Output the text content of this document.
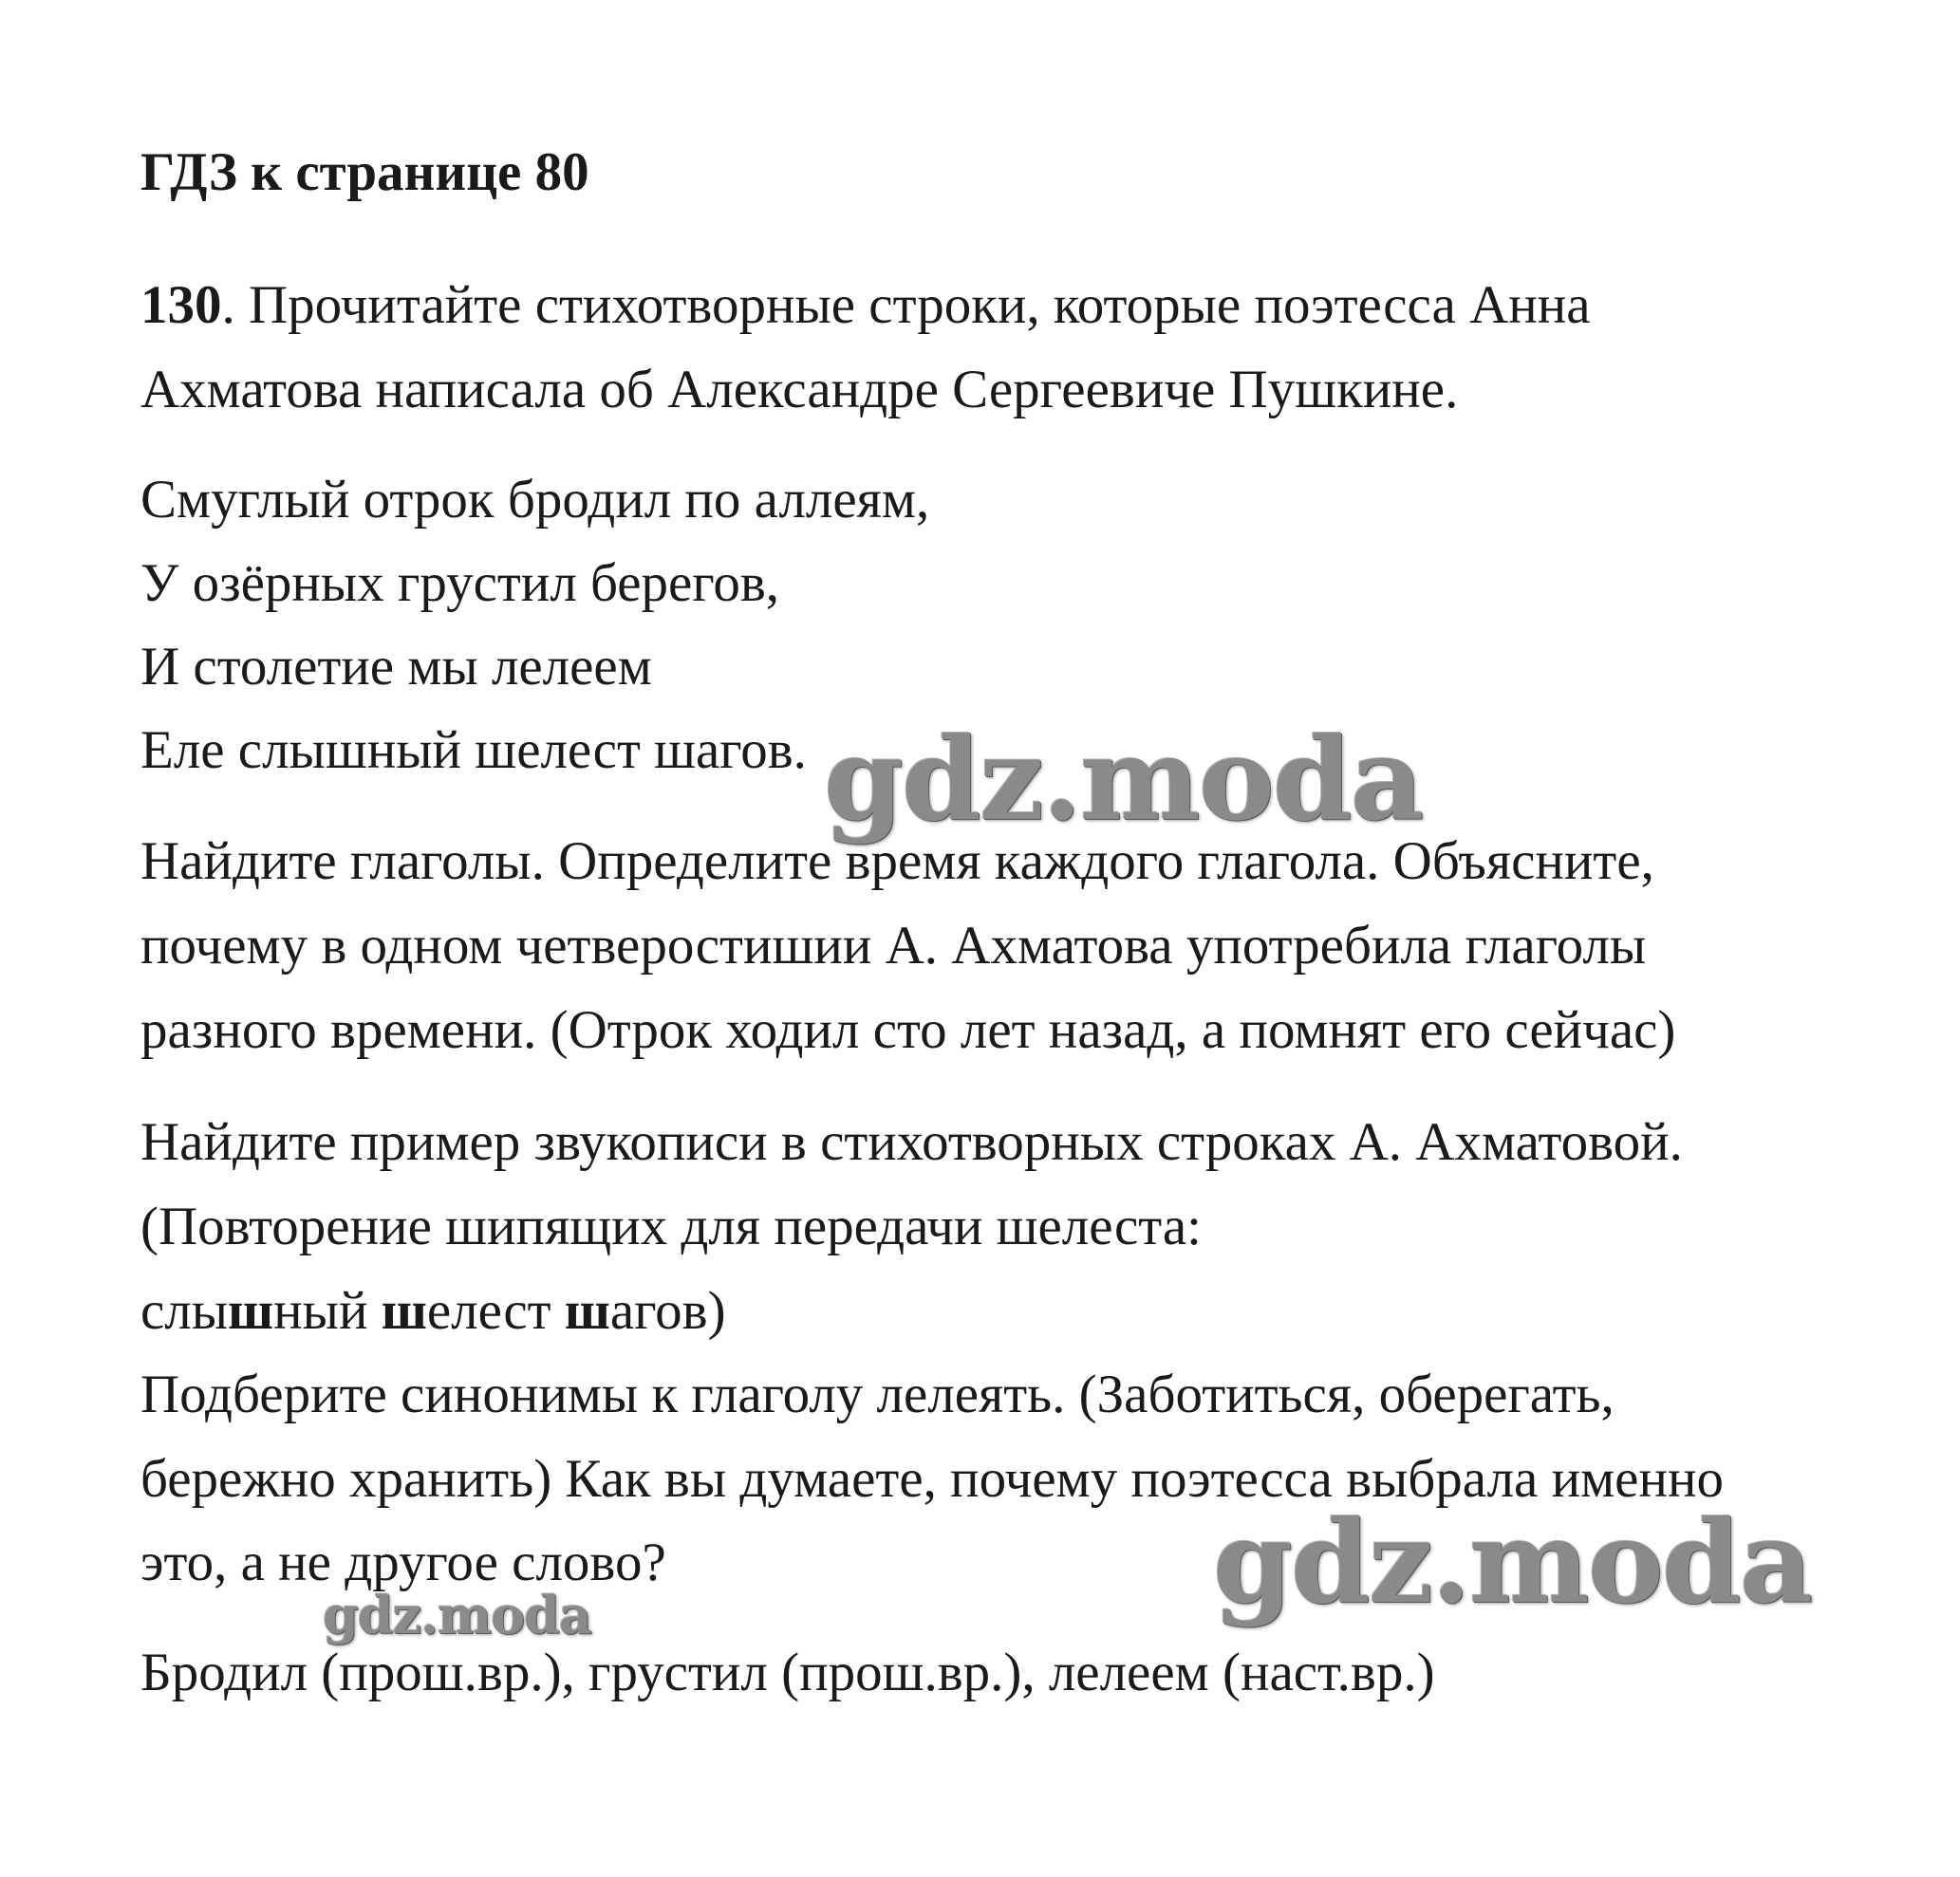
ГДЗ к странице 80
130. Прочитайте стихотворные строки, которые поэтесса Анна
Ахматова написала об Александре Сергеевиче Пушкине.
Смуглый отрок бродил по аллеям,
У озёрных грустил берегов,
И столетие мы лелеем
Еле слышный шелест шагов.
Найдите глаголы. Определите время каждого глагола. Объясните,
почему в одном четверостишии А. Ахматова употребила глаголы
разного времени. (Отрок ходил сто лет назад, а помнят его сейчас)
Найдите пример звукописи в стихотворных строках А. Ахматовой.
(Повторение шипящих для передачи шелеста:
слышный шелест шагов)
Подберите синонимы к глаголу лелеять. (Заботиться, оберегать,
бережно хранить) Как вы думаете, почему поэтесса выбрала именно
это, а не другое слово?
Бродил (прош.вр.), грустил (прош.вр.), лелеем (наст.вр.)
gdz.moda
gdz.moda
gdz.moda
